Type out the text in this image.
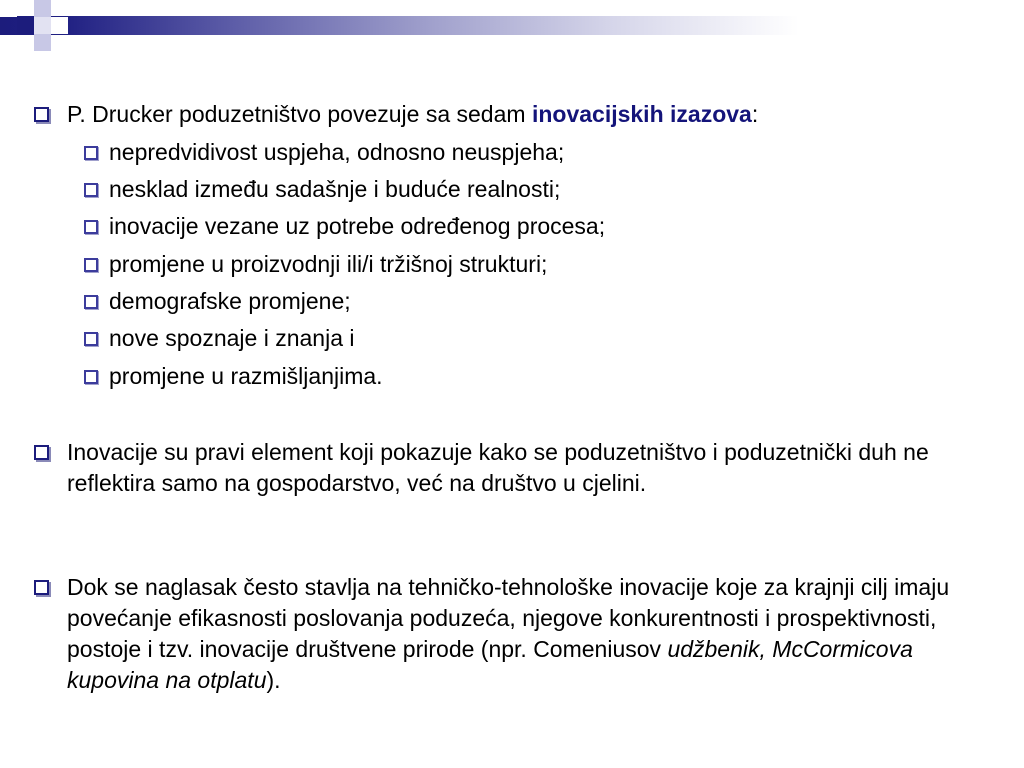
P. Drucker poduzetništvo povezuje sa sedam inovacijskih izazova:
nepredvidivost uspjeha, odnosno neuspjeha;
nesklad između sadašnje i buduće realnosti;
inovacije vezane uz potrebe određenog procesa;
promjene u proizvodnji ili/i tržišnoj strukturi;
demografske promjene;
nove spoznaje i znanja i
promjene u razmišljanjima.
Inovacije su pravi element koji pokazuje kako se poduzetništvo i poduzetnički duh ne reflektira samo na gospodarstvo, već na društvo u cjelini.
Dok se naglasak često stavlja na tehničko-tehnološke inovacije koje za krajnji cilj imaju povećanje efikasnosti poslovanja poduzeća, njegove konkurentnosti i prospektivnosti, postoje i tzv. inovacije društvene prirode (npr. Comeniusov udžbenik, McCormicova kupovina na otplatu).
